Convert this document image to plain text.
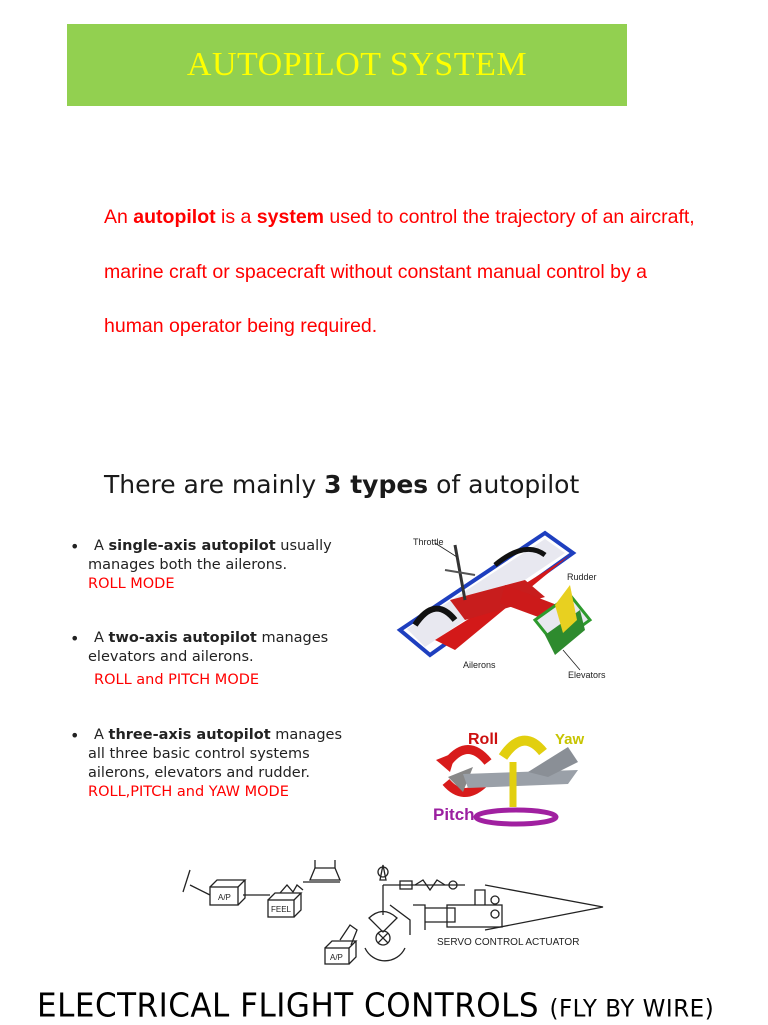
AUTOPILOT SYSTEM
An autopilot is a system used to control the trajectory of an aircraft, marine craft or spacecraft without constant manual control by a human operator being required.
There are mainly 3 types of autopilot
• A single-axis autopilot usually
manages both the ailerons.
ROLL MODE
• A two-axis autopilot manages
elevators and ailerons.
ROLL and PITCH MODE
• A three-axis autopilot manages
all three basic control systems
ailerons, elevators and rudder.
ROLL,PITCH and YAW MODE
Throttle
Rudder
Ailerons
Elevators
Roll	Yaw
Pitch
A/P
FEEL
A/P
SERVO CONTROL ACTUATOR
ELECTRICAL FLIGHT CONTROLS (FLY BY WIRE)
